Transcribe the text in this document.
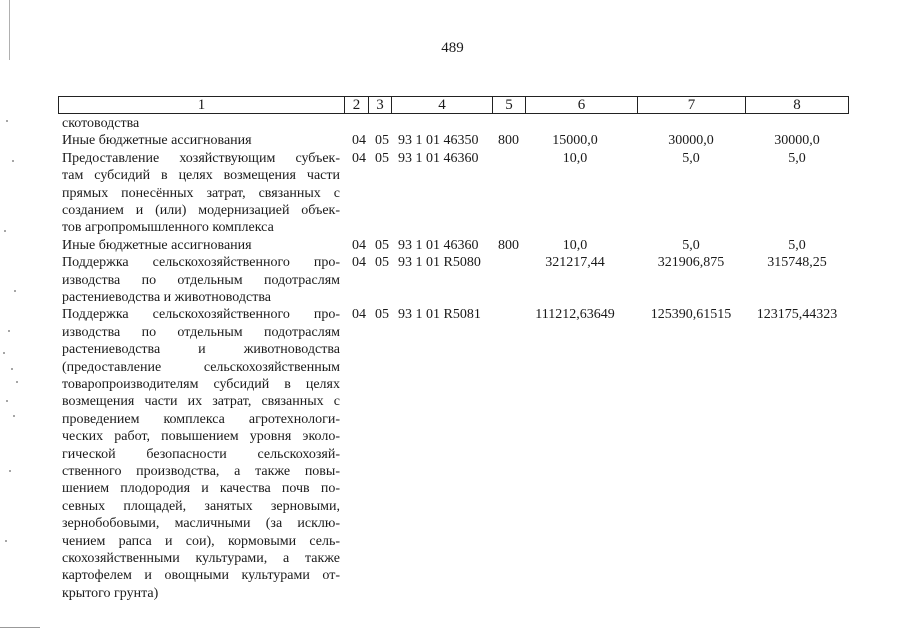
489
1	2	3	4	5	6	7	8
скотоводства
Иные бюджетные ассигнования	04 05 93 1 01 46350 800	15000,0	30000,0	30000,0
Предоставление хозяйствующим субъек-
там субсидий в целях возмещения части
прямых понесённых затрат, связанных с
созданием и (или) модернизацией объек-
тов агропромышленного комплекса
04 05 93 1 01 46360	10,0	5,0	5,0
Иные бюджетные ассигнования	04 05 93 1 01 46360 800	10,0	5,0	5,0
Поддержка сельскохозяйственного про-
изводства по отдельным подотраслям
растениеводства и животноводства
04 05 93 1 01 R5080	321217,44	321906,875	315748,25
Поддержка сельскохозяйственного про-
изводства по отдельным подотраслям
растениеводства и животноводства
(предоставление сельскохозяйственным
товаропроизводителям субсидий в целях
возмещения части их затрат, связанных с
проведением комплекса агротехнологи-
ческих работ, повышением уровня эколо-
гической безопасности сельскохозяй-
ственного производства, а также повы-
шением плодородия и качества почв по-
севных площадей, занятых зерновыми,
зернобобовыми, масличными (за исклю-
чением рапса и сои), кормовыми сель-
скохозяйственными культурами, а также
картофелем и овощными культурами от-
крытого грунта)
04 05 93 1 01 R5081	111212,63649	125390,61515	123175,44323
